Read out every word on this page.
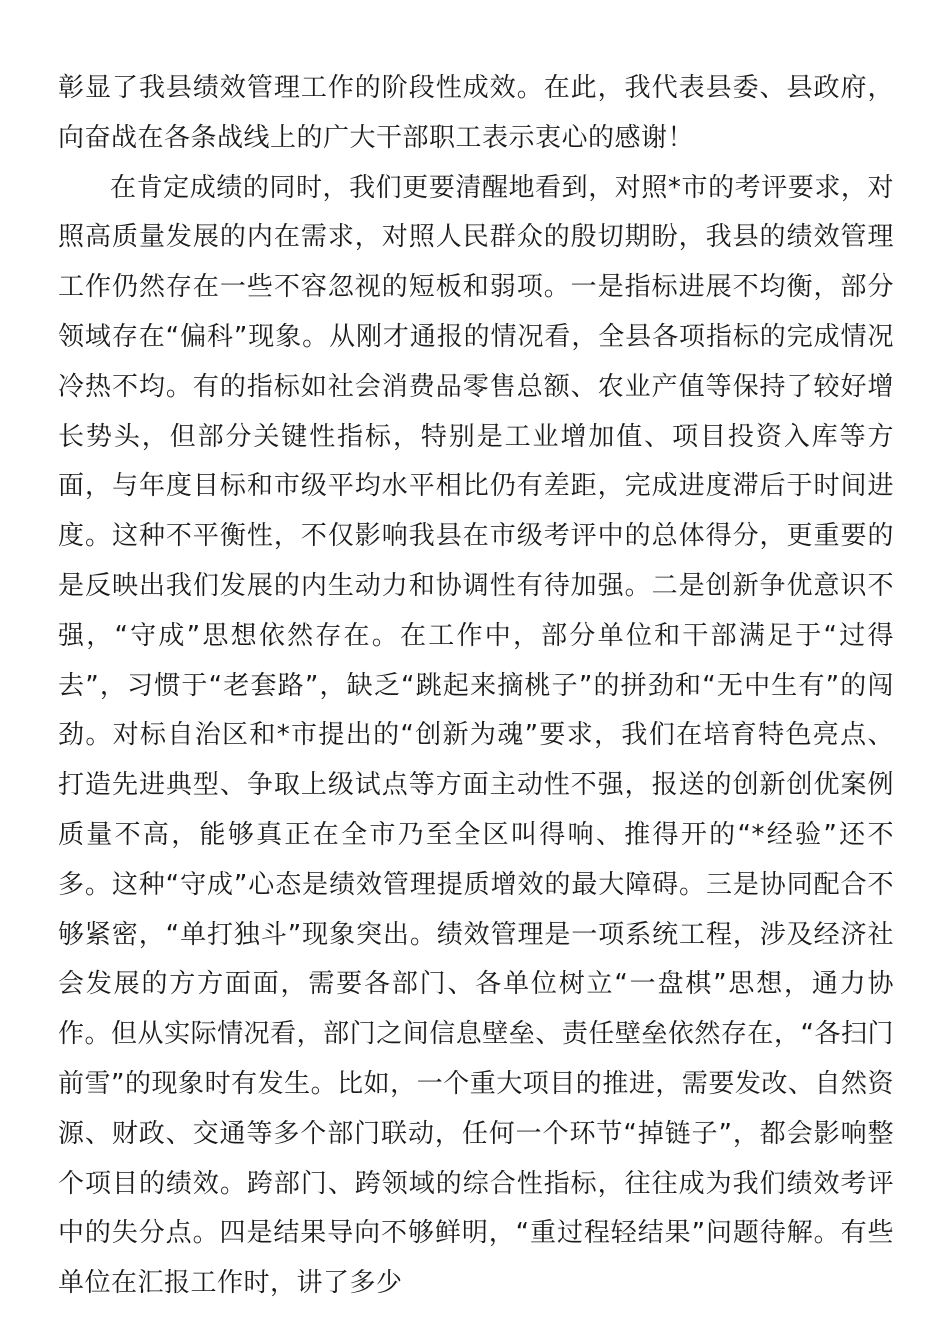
彰显了我县绩效管理工作的阶段性成效。在此，我代表县委、县政府，向奋战在各条战线上的广大干部职工表示衷心的感谢！

在肯定成绩的同时，我们更要清醒地看到，对照*市的考评要求，对照高质量发展的内在需求，对照人民群众的殷切期盼，我县的绩效管理工作仍然存在一些不容忽视的短板和弱项。一是指标进展不均衡，部分领域存在“偏科”现象。从刚才通报的情况看，全县各项指标的完成情况冷热不均。有的指标如社会消费品零售总额、农业产值等保持了较好增长势头，但部分关键性指标，特别是工业增加值、项目投资入库等方面，与年度目标和市级平均水平相比仍有差距，完成进度滞后于时间进度。这种不平衡性，不仅影响我县在市级考评中的总体得分，更重要的是反映出我们发展的内生动力和协调性有待加强。二是创新争优意识不强，“守成”思想依然存在。在工作中，部分单位和干部满足于“过得去”，习惯于“老套路”，缺乏“跳起来摘桃子”的拼劲和“无中生有”的闯劲。对标自治区和*市提出的“创新为魂”要求，我们在培育特色亮点、打造先进典型、争取上级试点等方面主动性不强，报送的创新创优案例质量不高，能够真正在全市乃至全区叫得响、推得开的“*经验”还不多。这种“守成”心态是绩效管理提质增效的最大障碍。三是协同配合不够紧密，“单打独斗”现象突出。绩效管理是一项系统工程，涉及经济社会发展的方方面面，需要各部门、各单位树立“一盘棋”思想，通力协作。但从实际情况看，部门之间信息壁垒、责任壁垒依然存在，“各扫门前雪”的现象时有发生。比如，一个重大项目的推进，需要发改、自然资源、财政、交通等多个部门联动，任何一个环节“掉链子”，都会影响整个项目的绩效。跨部门、跨领域的综合性指标，往往成为我们绩效考评中的失分点。四是结果导向不够鲜明，“重过程轻结果”问题待解。有些单位在汇报工作时，讲了多少
